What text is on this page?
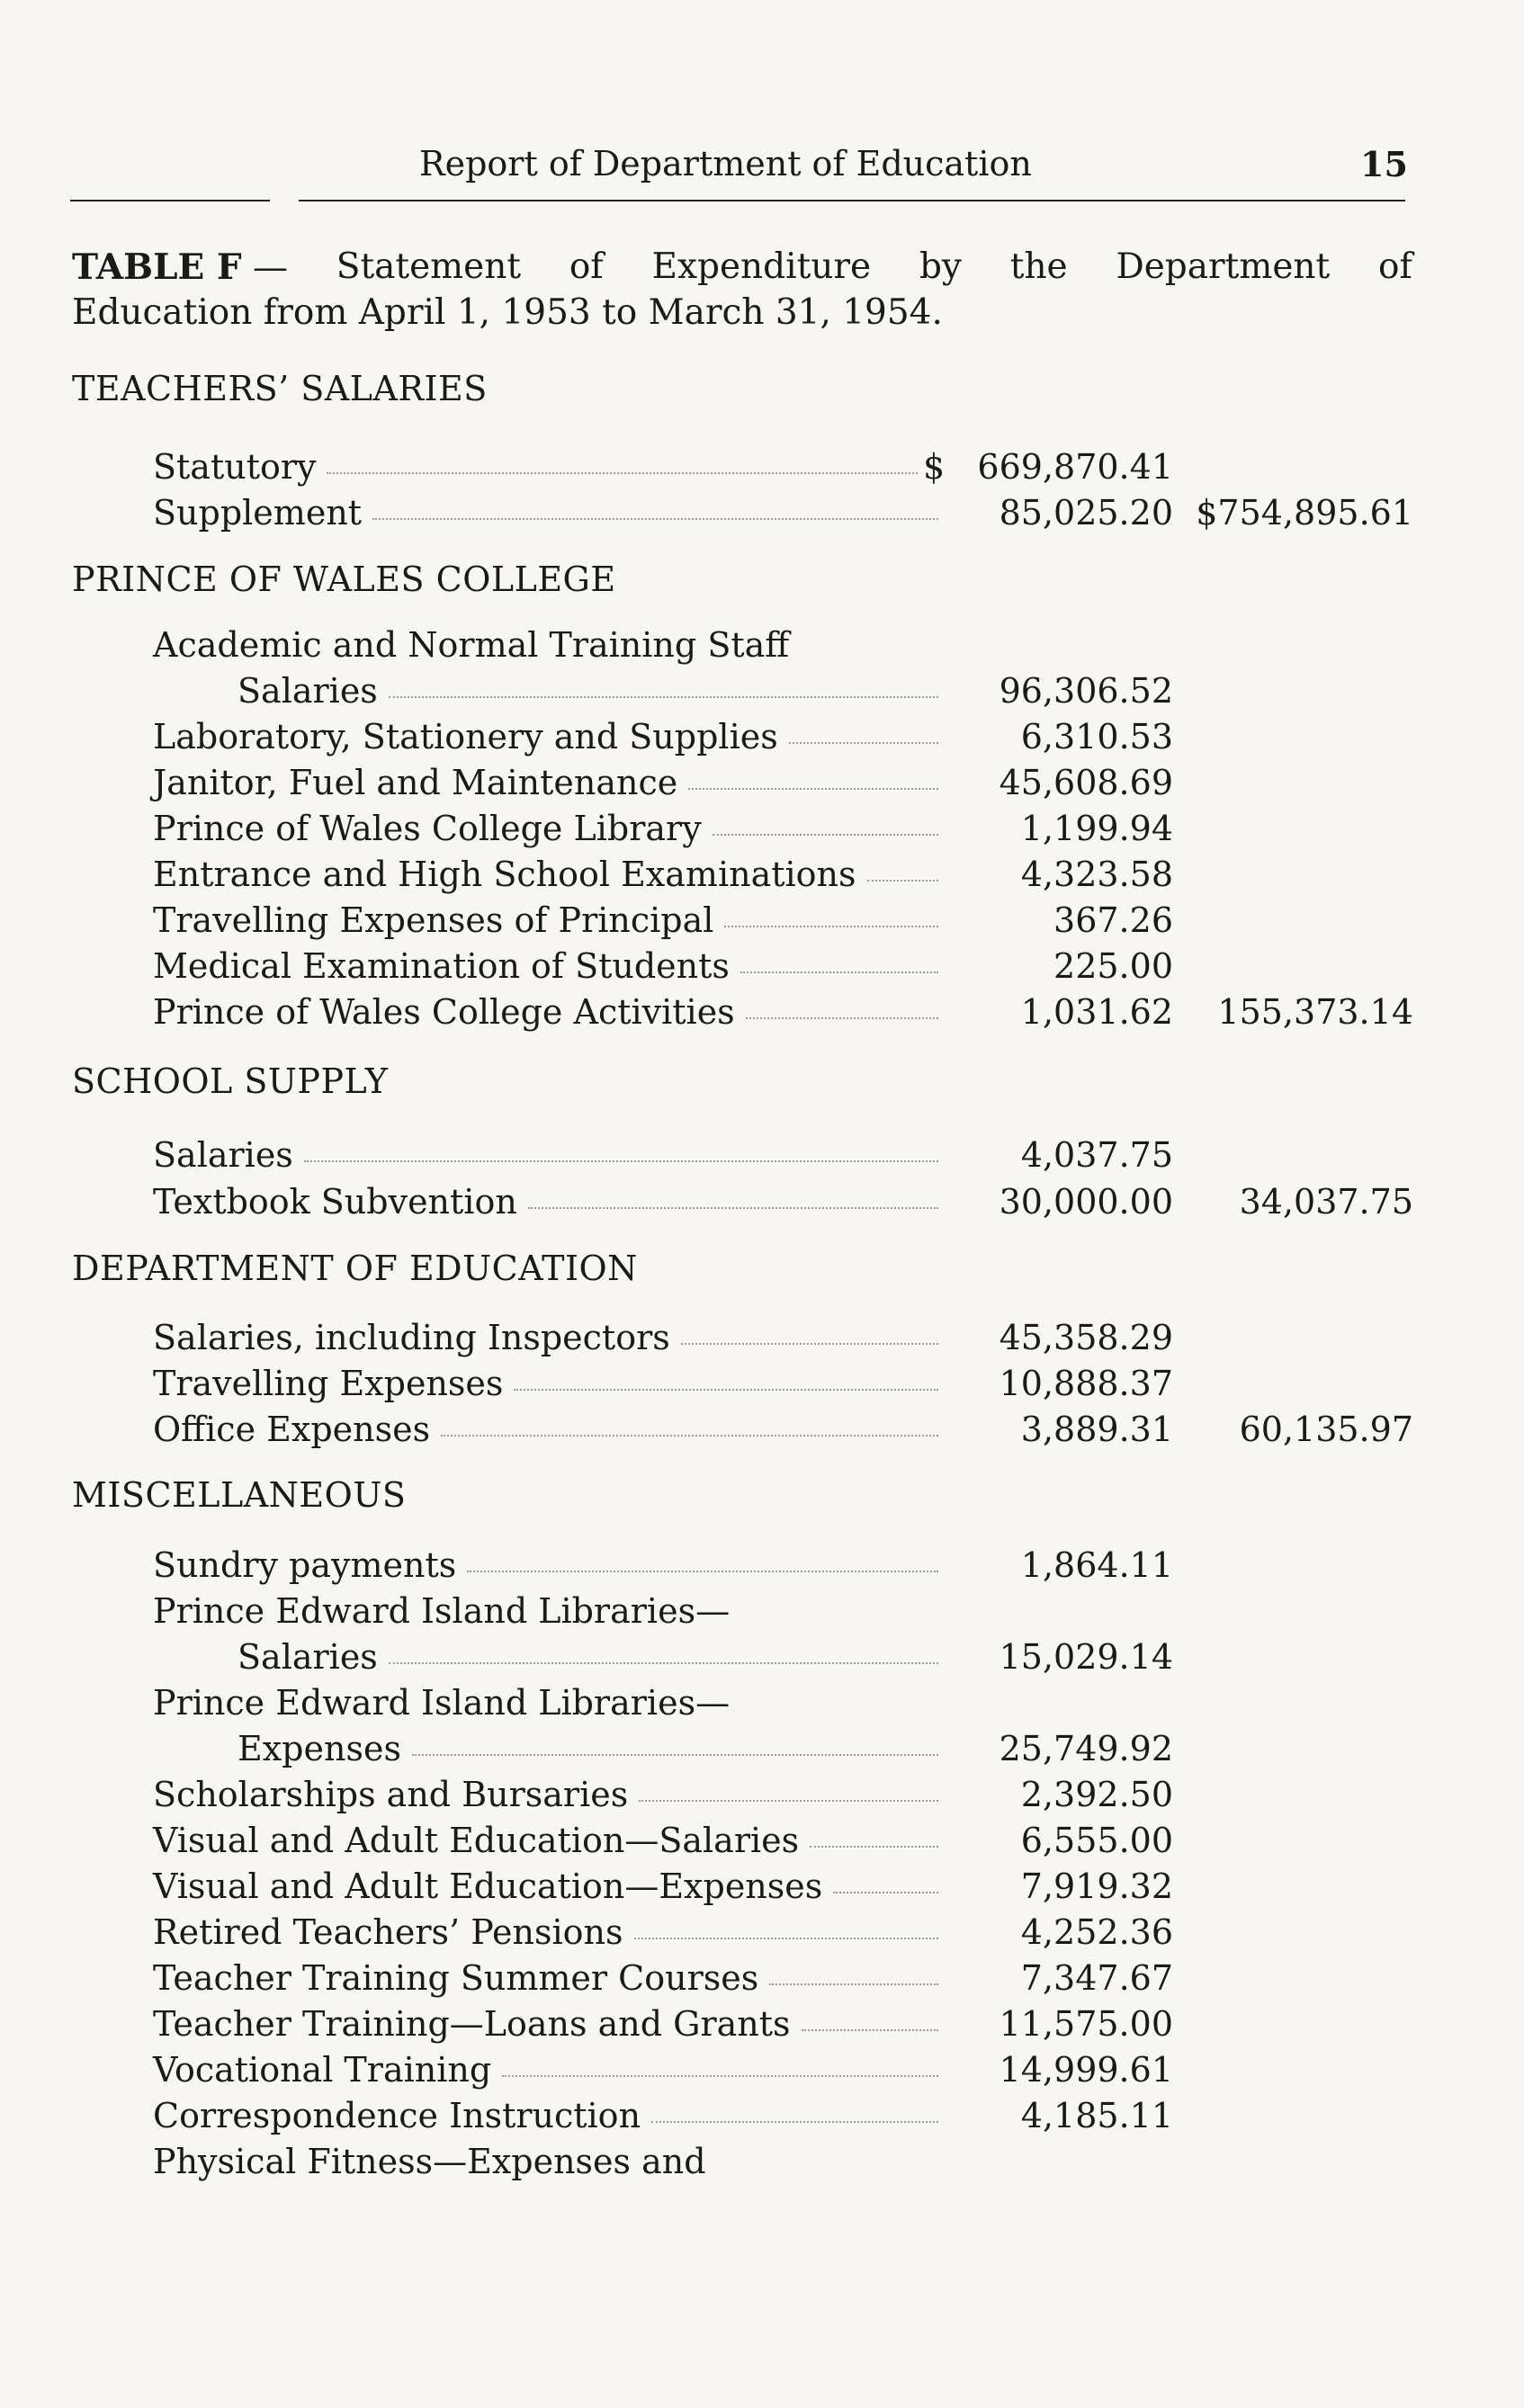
Report of Department of Education	15
TABLE F — Statement of Expenditure by the Department of
Education from April 1, 1953 to March 31, 1954.
TEACHERS’ SALARIES
Statutory	$ 669,870.41
Supplement	85,025.20 $754,895.61
PRINCE OF WALES COLLEGE
Academic and Normal Training Staff
Salaries	96,306.52
Laboratory, Stationery and Supplies	6,310.53
Janitor, Fuel and Maintenance	45,608.69
Prince of Wales College Library	1,199.94
Entrance and High School Examinations	4,323.58
Travelling Expenses of Principal	367.26
Medical Examination of Students	225.00
Prince of Wales College Activities	1,031.62 155,373.14
SCHOOL SUPPLY
Salaries	4,037.75
Textbook Subvention	30,000.00 34,037.75
DEPARTMENT OF EDUCATION
Salaries, including Inspectors	45,358.29
Travelling Expenses	10,888.37
Office Expenses	3,889.31 60,135.97
MISCELLANEOUS
Sundry payments	1,864.11
Prince Edward Island Libraries—
Salaries	15,029.14
Prince Edward Island Libraries—
Expenses	25,749.92
Scholarships and Bursaries	2,392.50
Visual and Adult Education—Salaries	6,555.00
Visual and Adult Education—Expenses	7,919.32
Retired Teachers’ Pensions	4,252.36
Teacher Training Summer Courses	7,347.67
Teacher Training—Loans and Grants	11,575.00
Vocational Training	14,999.61
Correspondence Instruction	4,185.11
Physical Fitness—Expenses and
